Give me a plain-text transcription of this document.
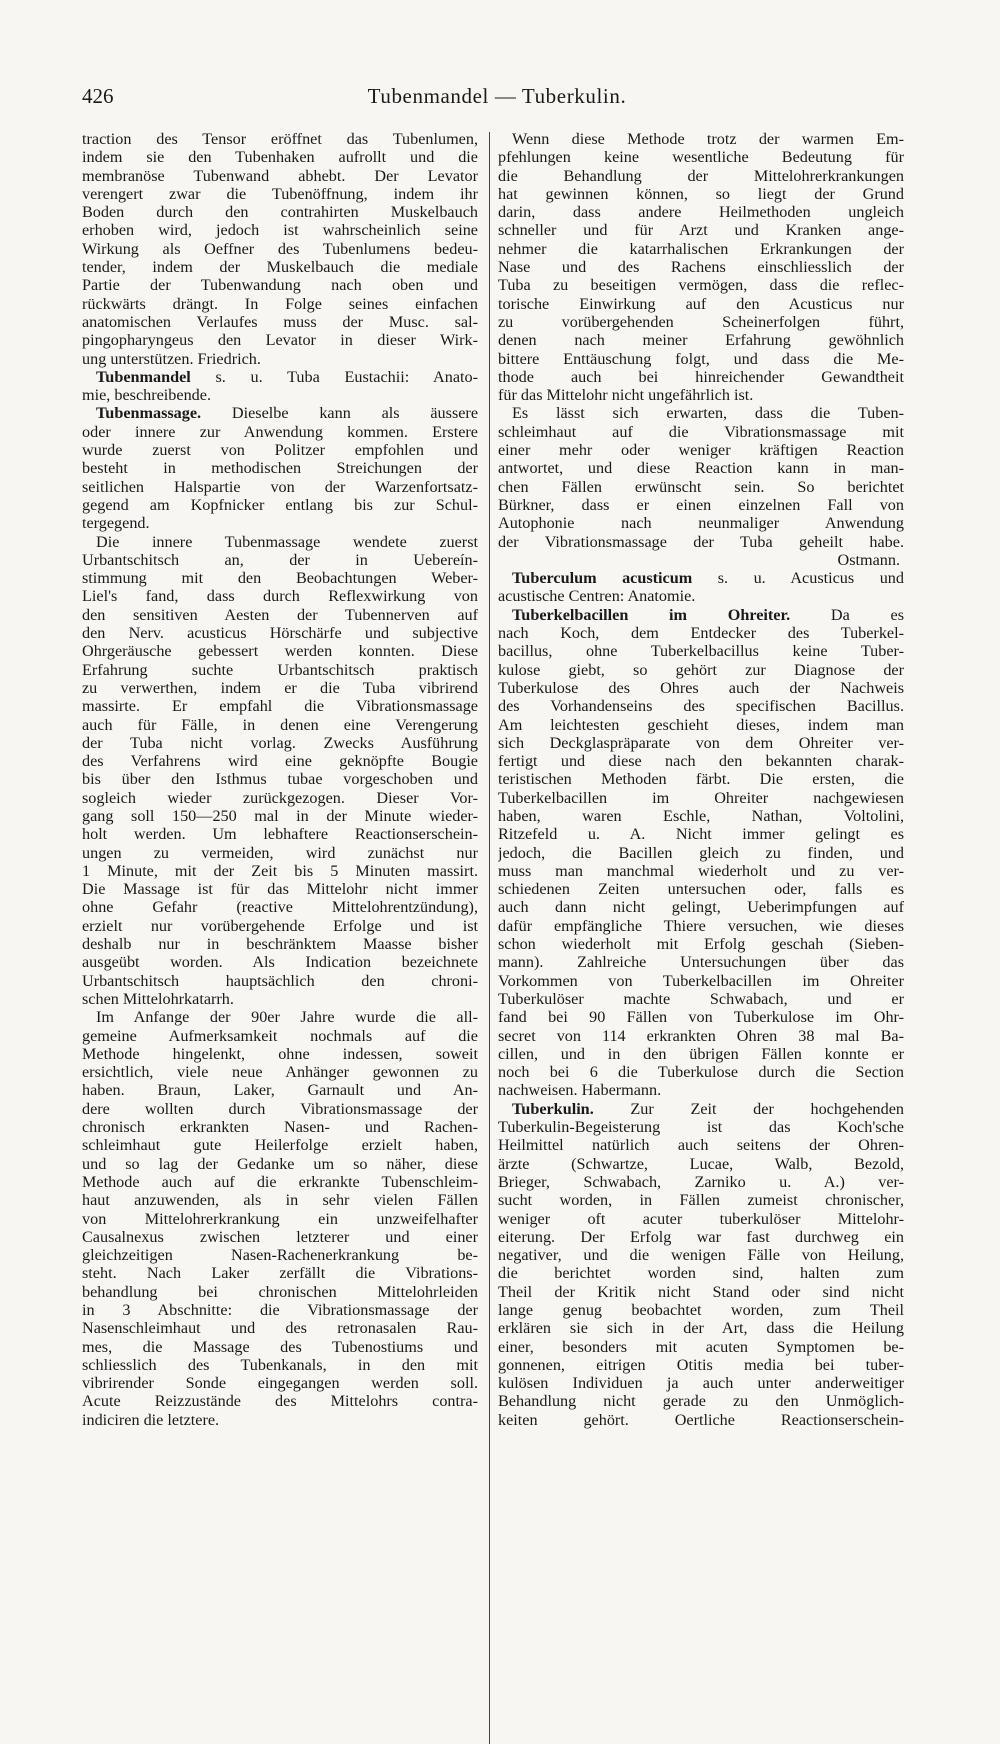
426	Tubenmandel — Tuberkulin.
traction des Tensor eröffnet das Tubenlumen,
indem sie den Tubenhaken aufrollt und die
membranöse Tubenwand abhebt. Der Levator
verengert zwar die Tubenöffnung, indem ihr
Boden durch den contrahirten Muskelbauch
erhoben wird, jedoch ist wahrscheinlich seine
Wirkung als Oeffner des Tubenlumens bedeu-
tender, indem der Muskelbauch die mediale
Partie der Tubenwandung nach oben und
rückwärts drängt. In Folge seines einfachen
anatomischen Verlaufes muss der Musc. sal-
pingopharyngeus den Levator in dieser Wirk-
ung unterstützen. Friedrich.
Tubenmandel s. u. Tuba Eustachii: Anato-
mie, beschreibende.
Tubenmassage. Dieselbe kann als äussere
oder innere zur Anwendung kommen. Erstere
wurde zuerst von Politzer empfohlen und
besteht in methodischen Streichungen der
seitlichen Halspartie von der Warzenfortsatz-
gegend am Kopfnicker entlang bis zur Schul-
tergegend.
Die innere Tubenmassage wendete zuerst
Urbantschitsch an, der in Uebereín-
stimmung mit den Beobachtungen Weber-
Liel's fand, dass durch Reflexwirkung von
den sensitiven Aesten der Tubennerven auf
den Nerv. acusticus Hörschärfe und subjective
Ohrgeräusche gebessert werden konnten. Diese
Erfahrung suchte Urbantschitsch praktisch
zu verwerthen, indem er die Tuba vibrirend
massirte. Er empfahl die Vibrationsmassage
auch für Fälle, in denen eine Verengerung
der Tuba nicht vorlag. Zwecks Ausführung
des Verfahrens wird eine geknöpfte Bougie
bis über den Isthmus tubae vorgeschoben und
sogleich wieder zurückgezogen. Dieser Vor-
gang soll 150—250 mal in der Minute wieder-
holt werden. Um lebhaftere Reactionserschein-
ungen zu vermeiden, wird zunächst nur
1 Minute, mit der Zeit bis 5 Minuten massirt.
Die Massage ist für das Mittelohr nicht immer
ohne Gefahr (reactive Mittelohrentzündung),
erzielt nur vorübergehende Erfolge und ist
deshalb nur in beschränktem Maasse bisher
ausgeübt worden. Als Indication bezeichnete
Urbantschitsch hauptsächlich den chroni-
schen Mittelohrkatarrh.
Im Anfange der 90er Jahre wurde die all-
gemeine Aufmerksamkeit nochmals auf die
Methode hingelenkt, ohne indessen, soweit
ersichtlich, viele neue Anhänger gewonnen zu
haben. Braun, Laker, Garnault und An-
dere wollten durch Vibrationsmassage der
chronisch erkrankten Nasen- und Rachen-
schleimhaut gute Heilerfolge erzielt haben,
und so lag der Gedanke um so näher, diese
Methode auch auf die erkrankte Tubenschleim-
haut anzuwenden, als in sehr vielen Fällen
von Mittelohrerkrankung ein unzweifelhafter
Causalnexus zwischen letzterer und einer
gleichzeitigen Nasen-Rachenerkrankung be-
steht. Nach Laker zerfällt die Vibrations-
behandlung bei chronischen Mittelohrleiden
in 3 Abschnitte: die Vibrationsmassage der
Nasenschleimhaut und des retronasalen Rau-
mes, die Massage des Tubenostiums und
schliesslich des Tubenkanals, in den mit
vibrirender Sonde eingegangen werden soll.
Acute Reizzustände des Mittelohrs contra-
indiciren die letztere.
Wenn diese Methode trotz der warmen Em-
pfehlungen keine wesentliche Bedeutung für
die Behandlung der Mittelohrerkrankungen
hat gewinnen können, so liegt der Grund
darin, dass andere Heilmethoden ungleich
schneller und für Arzt und Kranken ange-
nehmer die katarrhalischen Erkrankungen der
Nase und des Rachens einschliesslich der
Tuba zu beseitigen vermögen, dass die reflec-
torische Einwirkung auf den Acusticus nur
zu vorübergehenden Scheinerfolgen führt,
denen nach meiner Erfahrung gewöhnlich
bittere Enttäuschung folgt, und dass die Me-
thode auch bei hinreichender Gewandtheit
für das Mittelohr nicht ungefährlich ist.
Es lässt sich erwarten, dass die Tuben-
schleimhaut auf die Vibrationsmassage mit
einer mehr oder weniger kräftigen Reaction
antwortet, und diese Reaction kann in man-
chen Fällen erwünscht sein. So berichtet
Bürkner, dass er einen einzelnen Fall von
Autophonie nach neunmaliger Anwendung
der Vibrationsmassage der Tuba geheilt habe.
Ostmann.
Tuberculum acusticum s. u. Acusticus und
acustische Centren: Anatomie.
Tuberkelbacillen im Ohreiter. Da es
nach Koch, dem Entdecker des Tuberkel-
bacillus, ohne Tuberkelbacillus keine Tuber-
kulose giebt, so gehört zur Diagnose der
Tuberkulose des Ohres auch der Nachweis
des Vorhandenseins des specifischen Bacillus.
Am leichtesten geschieht dieses, indem man
sich Deckglaspräparate von dem Ohreiter ver-
fertigt und diese nach den bekannten charak-
teristischen Methoden färbt. Die ersten, die
Tuberkelbacillen im Ohreiter nachgewiesen
haben, waren Eschle, Nathan, Voltolini,
Ritzefeld u. A. Nicht immer gelingt es
jedoch, die Bacillen gleich zu finden, und
muss man manchmal wiederholt und zu ver-
schiedenen Zeiten untersuchen oder, falls es
auch dann nicht gelingt, Ueberimpfungen auf
dafür empfängliche Thiere versuchen, wie dieses
schon wiederholt mit Erfolg geschah (Sieben-
mann). Zahlreiche Untersuchungen über das
Vorkommen von Tuberkelbacillen im Ohreiter
Tuberkulöser machte Schwabach, und er
fand bei 90 Fällen von Tuberkulose im Ohr-
secret von 114 erkrankten Ohren 38 mal Ba-
cillen, und in den übrigen Fällen konnte er
noch bei 6 die Tuberkulose durch die Section
nachweisen. Habermann.
Tuberkulin. Zur Zeit der hochgehenden
Tuberkulin-Begeisterung ist das Koch'sche
Heilmittel natürlich auch seitens der Ohren-
ärzte (Schwartze, Lucae, Walb, Bezold,
Brieger, Schwabach, Zarniko u. A.) ver-
sucht worden, in Fällen zumeist chronischer,
weniger oft acuter tuberkulöser Mittelohr-
eiterung. Der Erfolg war fast durchweg ein
negativer, und die wenigen Fälle von Heilung,
die berichtet worden sind, halten zum
Theil der Kritik nicht Stand oder sind nicht
lange genug beobachtet worden, zum Theil
erklären sie sich in der Art, dass die Heilung
einer, besonders mit acuten Symptomen be-
gonnenen, eitrigen Otitis media bei tuber-
kulösen Individuen ja auch unter anderweitiger
Behandlung nicht gerade zu den Unmöglich-
keiten gehört. Oertliche Reactionserschein-
